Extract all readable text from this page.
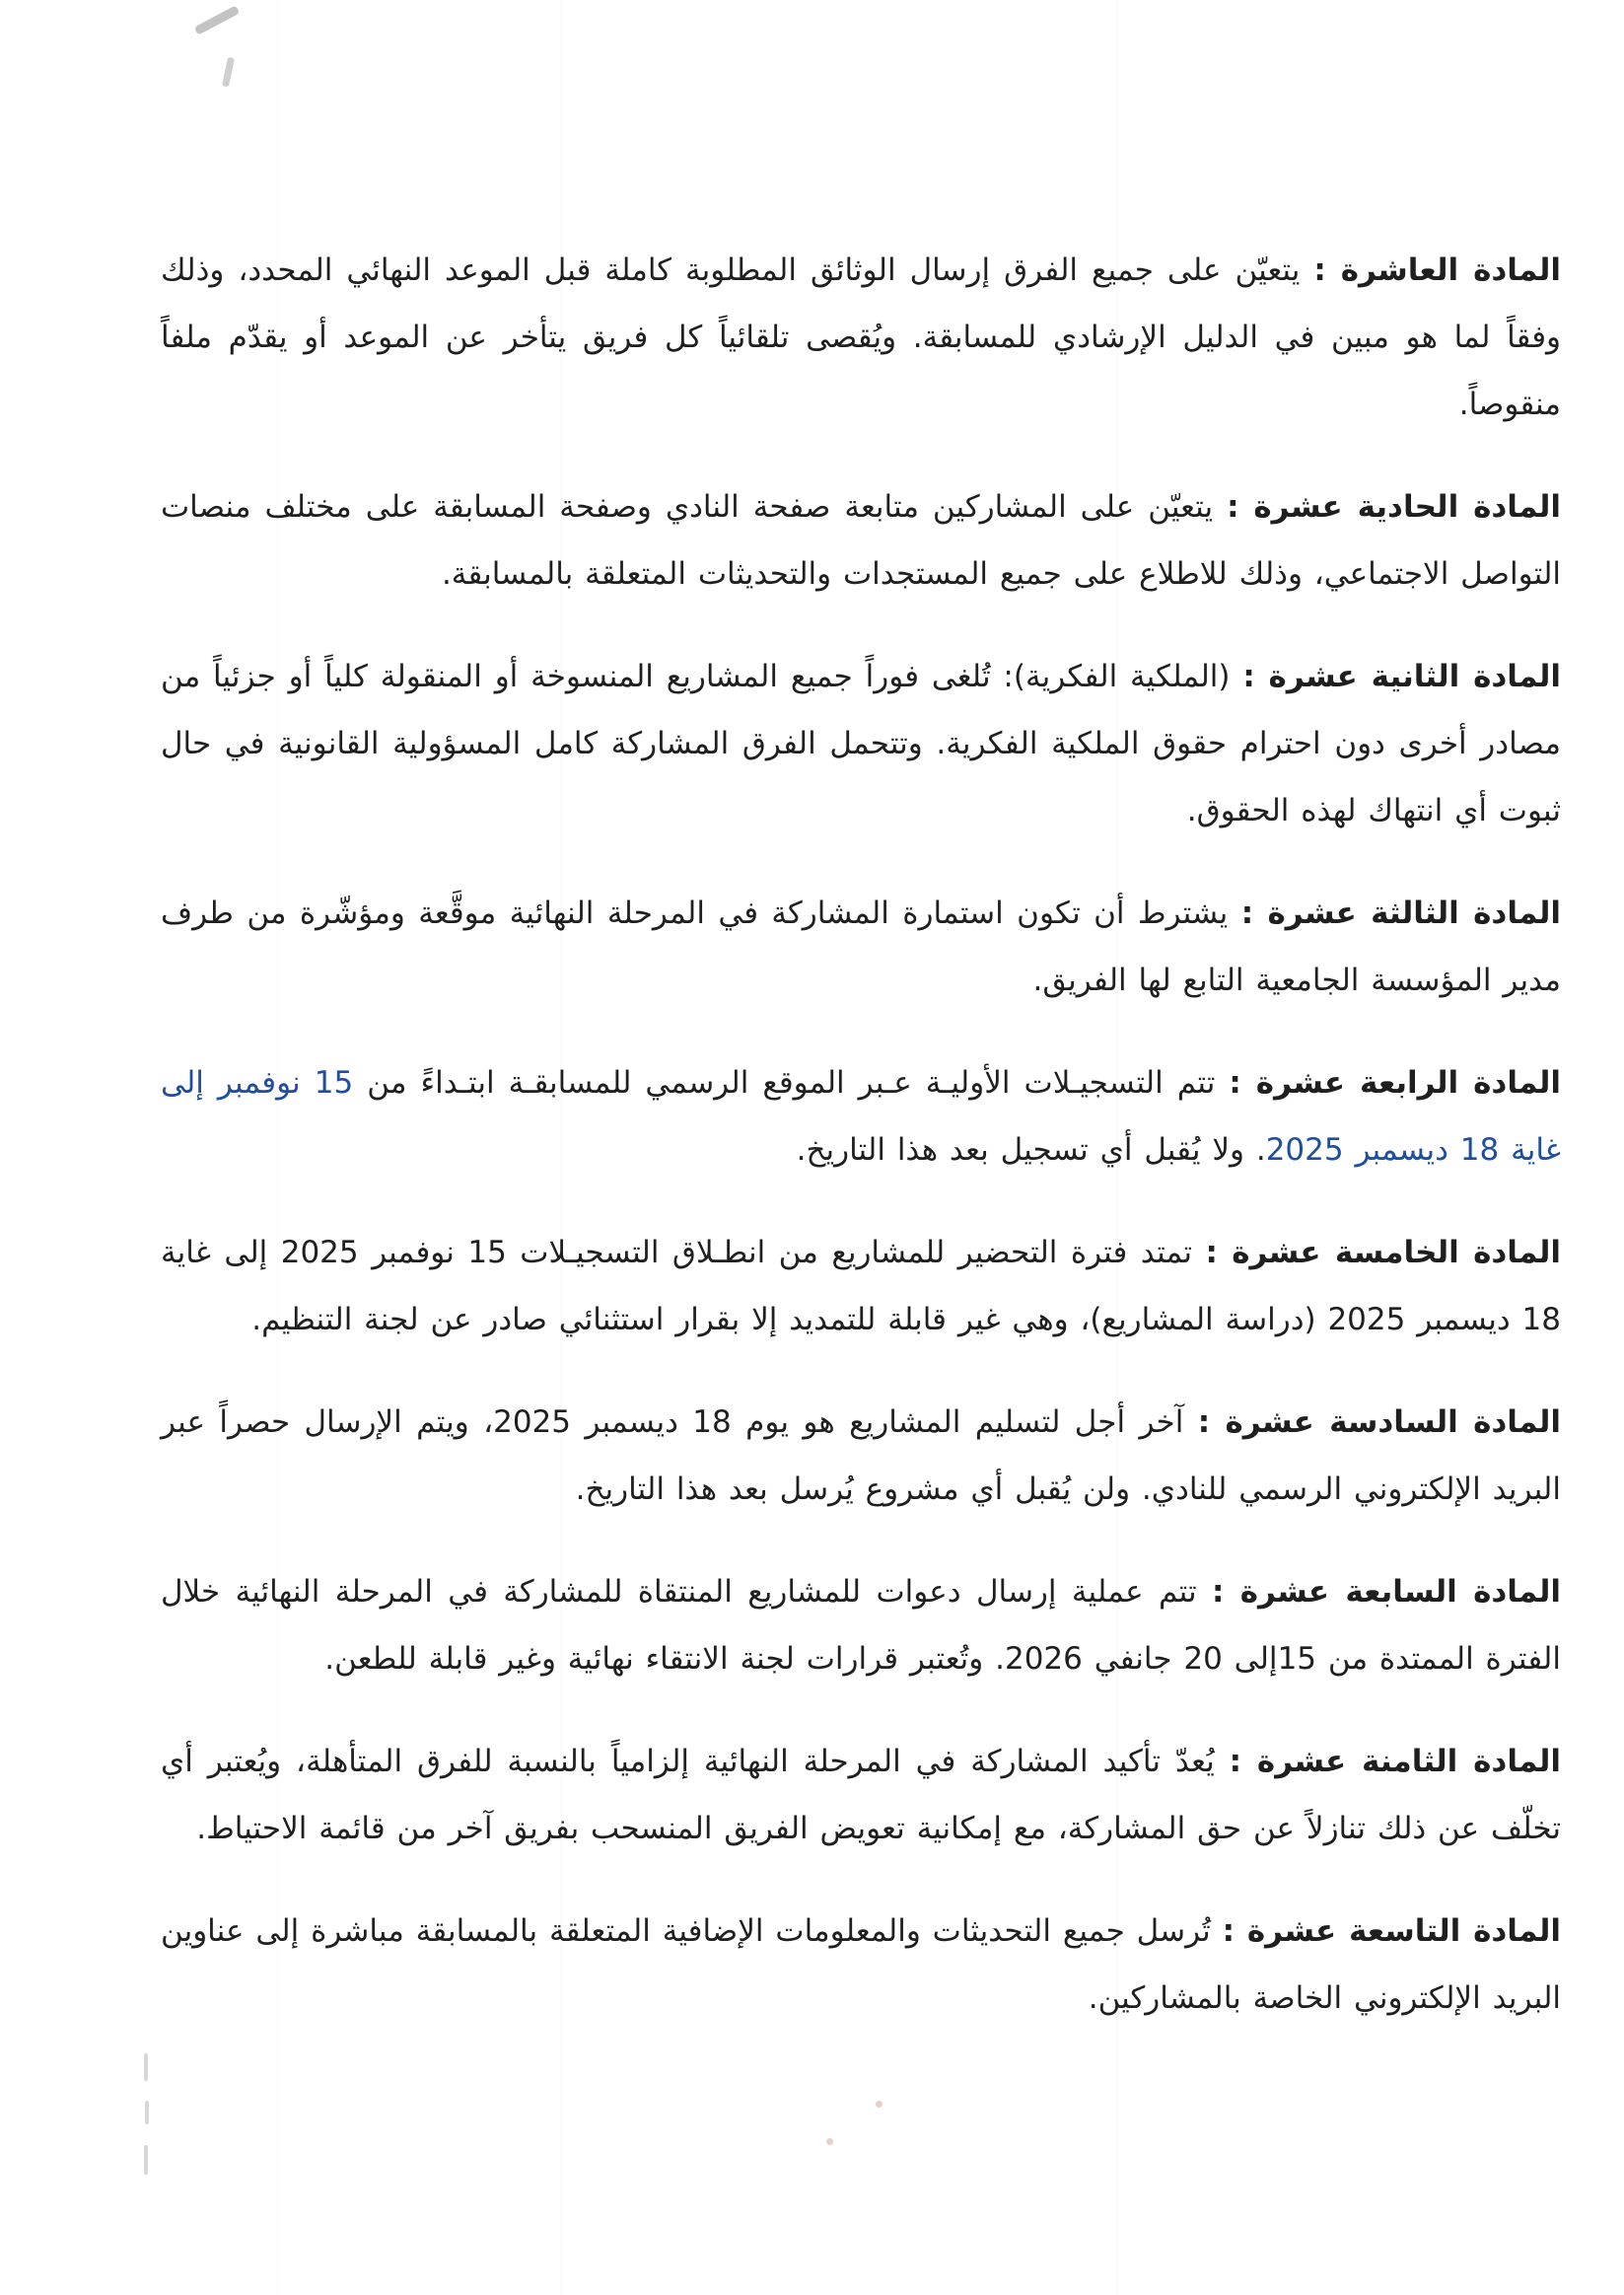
المادة العاشرة : يتعيّن على جميع الفرق إرسال الوثائق المطلوبة كاملة قبل الموعد النهائي المحدد، وذلك وفقاً لما هو مبين في الدليل الإرشادي للمسابقة. ويُقصى تلقائياً كل فريق يتأخر عن الموعد أو يقدّم ملفاً منقوصاً.

المادة الحادية عشرة : يتعيّن على المشاركين متابعة صفحة النادي وصفحة المسابقة على مختلف منصات التواصل الاجتماعي، وذلك للاطلاع على جميع المستجدات والتحديثات المتعلقة بالمسابقة.

المادة الثانية عشرة : (الملكية الفكرية): تُلغى فوراً جميع المشاريع المنسوخة أو المنقولة كلياً أو جزئياً من مصادر أخرى دون احترام حقوق الملكية الفكرية. وتتحمل الفرق المشاركة كامل المسؤولية القانونية في حال ثبوت أي انتهاك لهذه الحقوق.

المادة الثالثة عشرة : يشترط أن تكون استمارة المشاركة في المرحلة النهائية موقَّعة ومؤشّرة من طرف مدير المؤسسة الجامعية التابع لها الفريق.

المادة الرابعة عشرة : تتم التسجيـلات الأوليـة عـبر الموقع الرسمي للمسابقـة ابتـداءً من 15 نوفمبر إلى غاية 18 ديسمبر 2025. ولا يُقبل أي تسجيل بعد هذا التاريخ.

المادة الخامسة عشرة : تمتد فترة التحضير للمشاريع من انطـلاق التسجيـلات 15 نوفمبر 2025 إلى غاية 18 ديسمبر 2025 (دراسة المشاريع)، وهي غير قابلة للتمديد إلا بقرار استثنائي صادر عن لجنة التنظيم.

المادة السادسة عشرة : آخر أجل لتسليم المشاريع هو يوم 18 ديسمبر 2025، ويتم الإرسال حصراً عبر البريد الإلكتروني الرسمي للنادي. ولن يُقبل أي مشروع يُرسل بعد هذا التاريخ.

المادة السابعة عشرة : تتم عملية إرسال دعوات للمشاريع المنتقاة للمشاركة في المرحلة النهائية خلال الفترة الممتدة من 15إلى 20 جانفي 2026. وتُعتبر قرارات لجنة الانتقاء نهائية وغير قابلة للطعن.

المادة الثامنة عشرة : يُعدّ تأكيد المشاركة في المرحلة النهائية إلزامياً بالنسبة للفرق المتأهلة، ويُعتبر أي تخلّف عن ذلك تنازلاً عن حق المشاركة، مع إمكانية تعويض الفريق المنسحب بفريق آخر من قائمة الاحتياط.

المادة التاسعة عشرة : تُرسل جميع التحديثات والمعلومات الإضافية المتعلقة بالمسابقة مباشرة إلى عناوين البريد الإلكتروني الخاصة بالمشاركين.
